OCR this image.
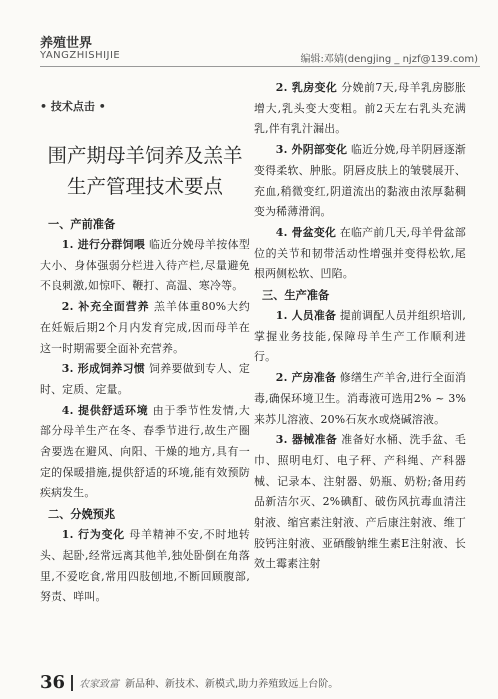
养殖世界
YANGZHISHIJIE	编辑:邓婧(dengjing _ njzf@139.com)
• 技术点击 •
围产期母羊饲养及羔羊
生产管理技术要点
一、产前准备

1. 进行分群饲喂 临近分娩母羊按体型大小、身体强弱分栏进入待产栏,尽量避免不良刺激,如惊吓、鞭打、高温、寒冷等。

2. 补充全面营养 羔羊体重80%大约在妊娠后期2个月内发育完成,因而母羊在这一时期需要全面补充营养。

3. 形成饲养习惯 饲养要做到专人、定时、定质、定量。

4. 提供舒适环境 由于季节性发情,大部分母羊生产在冬、春季节进行,故生产圈舍要选在避风、向阳、干燥的地方,具有一定的保暖措施,提供舒适的环境,能有效预防疾病发生。

二、分娩预兆

1. 行为变化 母羊精神不安,不时地转头、起卧,经常远离其他羊,独处卧倒在角落里,不爱吃食,常用四肢刨地,不断回顾腹部,努责、咩叫。

2. 乳房变化 分娩前7天,母羊乳房膨胀增大,乳头变大变粗。前2天左右乳头充满乳,伴有乳汁漏出。

3. 外阴部变化 临近分娩,母羊阴唇逐渐变得柔软、肿胀。阴唇皮肤上的皱襞展开、充血,稍微变红,阴道流出的黏液由浓厚黏稠变为稀薄滑润。

4. 骨盆变化 在临产前几天,母羊骨盆部位的关节和韧带活动性增强并变得松软,尾根两侧松软、凹陷。

三、生产准备

1. 人员准备 提前调配人员并组织培训,掌握业务技能,保障母羊生产工作顺利进行。

2. 产房准备 修缮生产羊舍,进行全面消毒,确保环境卫生。消毒液可选用2% ~ 3%来苏儿溶液、20%石灰水或烧碱溶液。

3. 器械准备 准备好水桶、洗手盆、毛巾、照明电灯、电子秤、产科绳、产科器械、记录本、注射器、奶瓶、奶粉;备用药品新洁尔灭、2%碘酊、破伤风抗毒血清注射液、缩宫素注射液、产后康注射液、维丁胶钙注射液、亚硒酸钠维生素E注射液、长效土霉素注射

36 农家致富 新品种、新技术、新模式,助力养殖致远上台阶。
